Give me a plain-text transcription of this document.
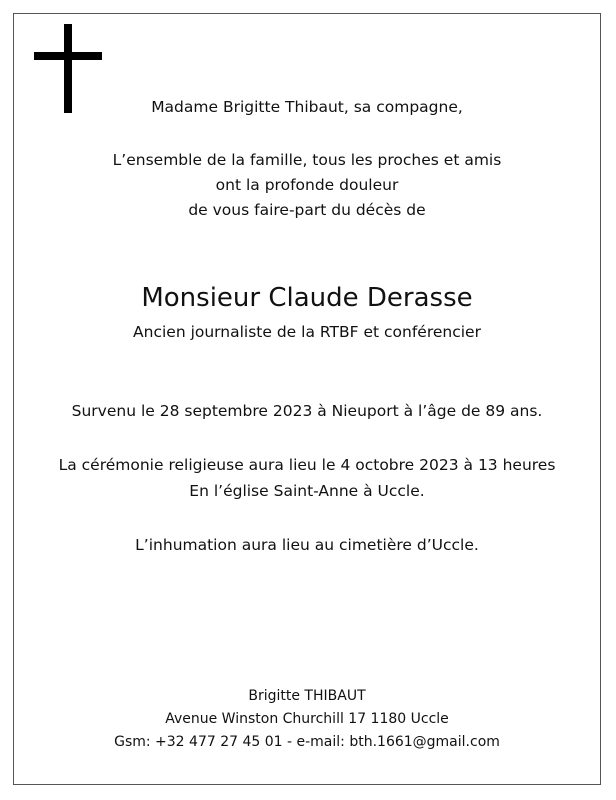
Madame Brigitte Thibaut, sa compagne,

L’ensemble de la famille, tous les proches et amis

ont la profonde douleur

de vous faire-part du décès de

Monsieur Claude Derasse

Ancien journaliste de la RTBF et conférencier

Survenu le 28 septembre 2023 à Nieuport à l’âge de 89 ans.

La cérémonie religieuse aura lieu le 4 octobre 2023 à 13 heures

En l’église Saint-Anne à Uccle.

L’inhumation aura lieu au cimetière d’Uccle.

Brigitte THIBAUT

Avenue Winston Churchill 17 1180 Uccle

Gsm: +32 477 27 45 01 - e-mail: bth.1661@gmail.com
